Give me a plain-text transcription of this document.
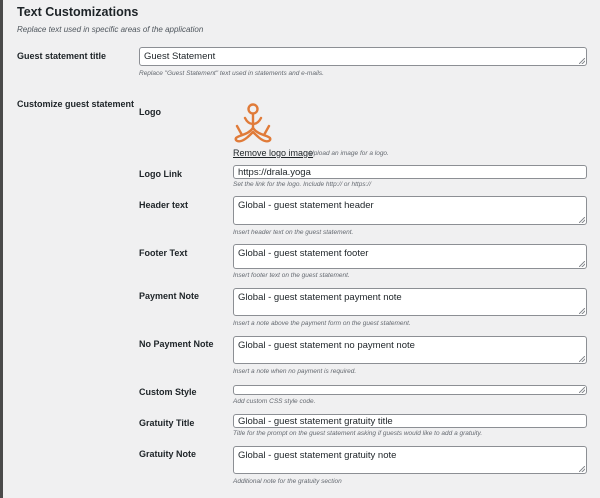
Text Customizations
Replace text used in specific areas of the application
Guest statement title	Guest Statement
Replace "Guest Statement" text used in statements and e-mails.
Customize guest statement
Logo
Remove logo image
Upload an image for a logo.
Logo Link	https://drala.yoga
Set the link for the logo. Include http:// or https://
Header text	Global - guest statement header
Insert header text on the guest statement.
Footer Text	Global - guest statement footer
Insert footer text on the guest statement.
Payment Note	Global - guest statement payment note
Insert a note above the payment form on the guest statement.
No Payment Note	Global - guest statement no payment note
Insert a note when no payment is required.
Custom Style
Add custom CSS style code.
Gratuity Title	Global - guest statement gratuity title
Title for the prompt on the guest statement asking if guests would like to add a gratuity.
Gratuity Note	Global - guest statement gratuity note
Additional note for the gratuity section
